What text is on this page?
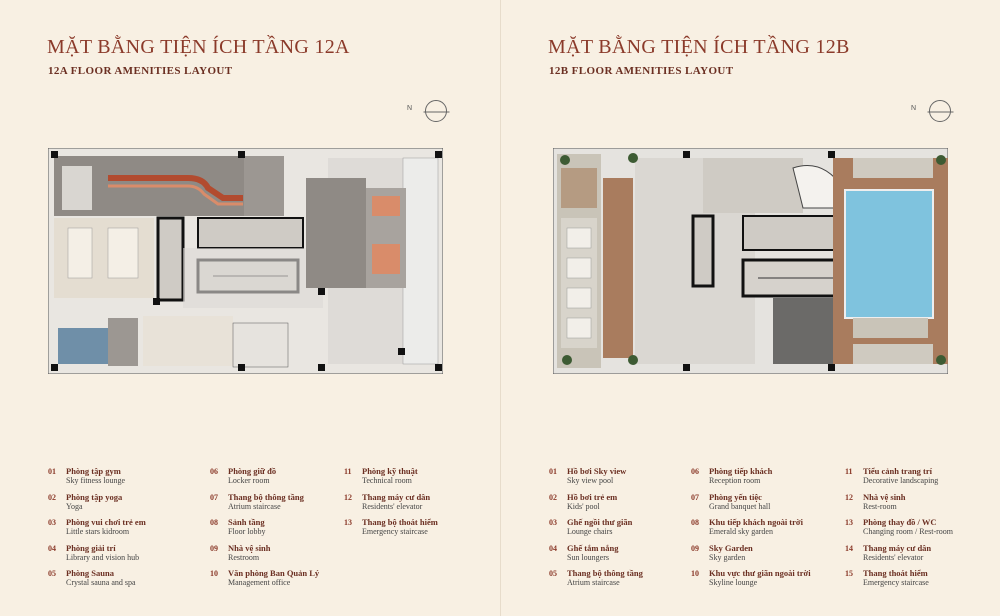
MẶT BẰNG TIỆN ÍCH TẦNG 12A
12A FLOOR AMENITIES LAYOUT
N
01	Phòng tập gym
Sky fitness lounge
02	Phòng tập yoga
Yoga
03	Phòng vui chơi trẻ em
Little stars kidroom
04	Phòng giải trí
Library and vision hub
05	Phòng Sauna
Crystal sauna and spa
06	Phòng giữ đồ
Locker room
07	Thang bộ thông tầng
Atrium staircase
08	Sảnh tầng
Floor lobby
09	Nhà vệ sinh
Restroom
10	Văn phòng Ban Quản Lý
Management office
11	Phòng kỹ thuật
Technical room
12	Thang máy cư dân
Residents' elevator
13	Thang bộ thoát hiểm
Emergency staircase
MẶT BẰNG TIỆN ÍCH TẦNG 12B
12B FLOOR AMENITIES LAYOUT
N
01	Hồ bơi Sky view
Sky view pool
02	Hồ bơi trẻ em
Kids' pool
03	Ghế ngồi thư giãn
Lounge chairs
04	Ghế tắm nắng
Sun loungers
05	Thang bộ thông tầng
Atrium staircase
06	Phòng tiếp khách
Reception room
07	Phòng yến tiệc
Grand banquet hall
08	Khu tiếp khách ngoài trời
Emerald sky garden
09	Sky Garden
Sky garden
10	Khu vực thư giãn ngoài trời
Skyline lounge
11	Tiểu cảnh trang trí
Decorative landscaping
12	Nhà vệ sinh
Rest-room
13	Phòng thay đồ / WC
Changing room / Rest-room
14	Thang máy cư dân
Residents' elevator
15	Thang thoát hiểm
Emergency staircase
